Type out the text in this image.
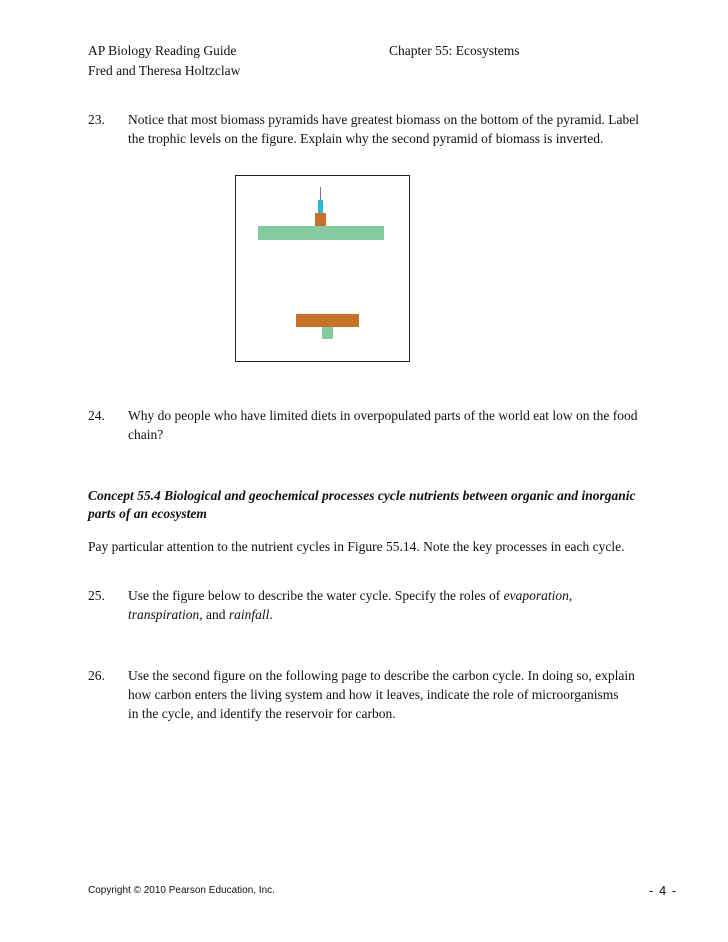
AP Biology Reading Guide
Fred and Theresa Holtzclaw
Chapter 55: Ecosystems
23. Notice that most biomass pyramids have greatest biomass on the bottom of the pyramid. Label
the trophic levels on the figure. Explain why the second pyramid of biomass is inverted.
24. Why do people who have limited diets in overpopulated parts of the world eat low on the food
chain?
Concept 55.4 Biological and geochemical processes cycle nutrients between organic and inorganic
parts of an ecosystem
Pay particular attention to the nutrient cycles in Figure 55.14. Note the key processes in each cycle.
25. Use the figure below to describe the water cycle. Specify the roles of evaporation,
transpiration, and rainfall.
26. Use the second figure on the following page to describe the carbon cycle. In doing so, explain
how carbon enters the living system and how it leaves, indicate the role of microorganisms
in the cycle, and identify the reservoir for carbon.
Copyright © 2010 Pearson Education, Inc.	- 4 -
